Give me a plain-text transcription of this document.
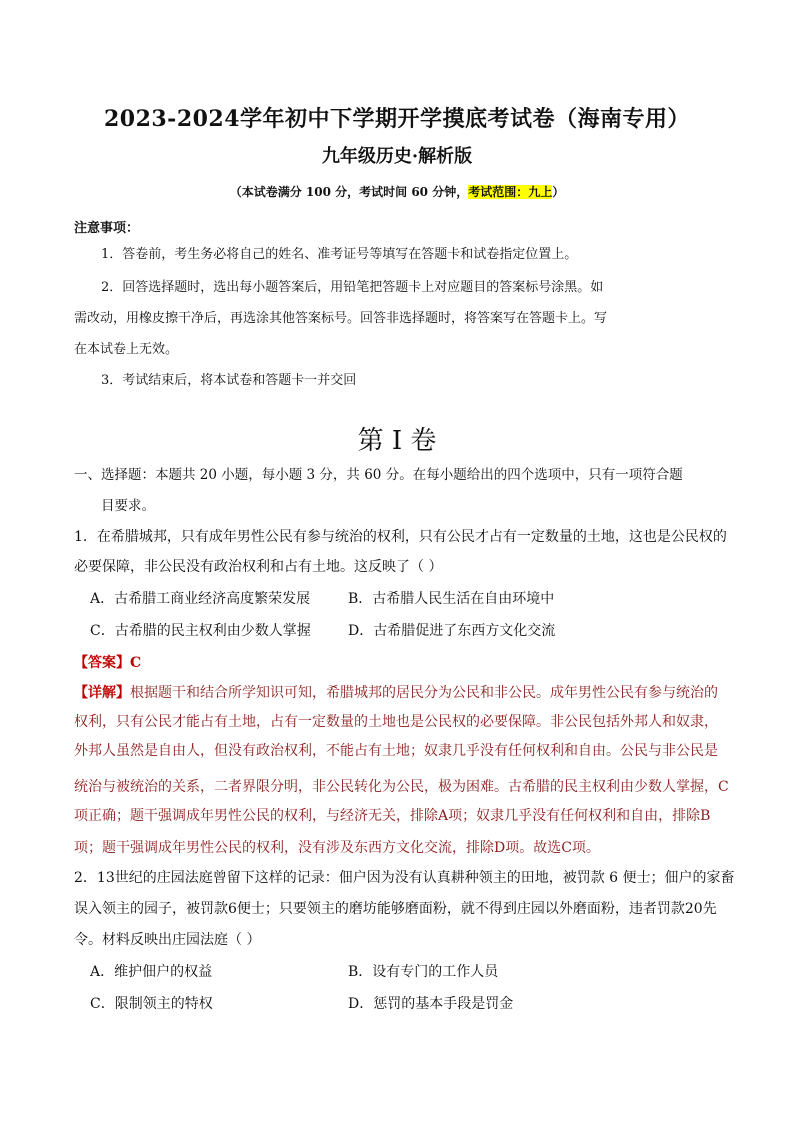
2023-2024学年初中下学期开学摸底考试卷（海南专用）
九年级历史·解析版
（本试卷满分 100 分，考试时间 60 分钟，考试范围：九上）
注意事项：
1．答卷前，考生务必将自己的姓名、准考证号等填写在答题卡和试卷指定位置上。
2．回答选择题时，选出每小题答案后，用铅笔把答题卡上对应题目的答案标号涂黑。如
需改动，用橡皮擦干净后，再选涂其他答案标号。回答非选择题时，将答案写在答题卡上。写
在本试卷上无效。
3．考试结束后，将本试卷和答题卡一并交回
第 I 卷
一、选择题：本题共 20 小题，每小题 3 分，共 60 分。在每小题给出的四个选项中，只有一项符合题
目要求。
1．在希腊城邦，只有成年男性公民有参与统治的权利，只有公民才占有一定数量的土地，这也是公民权的
必要保障，非公民没有政治权利和占有土地。这反映了（ ）
A．古希腊工商业经济高度繁荣发展	B．古希腊人民生活在自由环境中
C．古希腊的民主权利由少数人掌握	D．古希腊促进了东西方文化交流
【答案】C
【详解】根据题干和结合所学知识可知，希腊城邦的居民分为公民和非公民。成年男性公民有参与统治的
权利，只有公民才能占有土地，占有一定数量的土地也是公民权的必要保障。非公民包括外邦人和奴隶，
外邦人虽然是自由人，但没有政治权利，不能占有土地；奴隶几乎没有任何权利和自由。公民与非公民是
统治与被统治的关系，二者界限分明，非公民转化为公民，极为困难。古希腊的民主权利由少数人掌握，C
项正确；题干强调成年男性公民的权利，与经济无关，排除A项；奴隶几乎没有任何权利和自由，排除B
项；题干强调成年男性公民的权利，没有涉及东西方文化交流，排除D项。故选C项。
2．13世纪的庄园法庭曾留下这样的记录：佃户因为没有认真耕种领主的田地，被罚款 6 便士；佃户的家畜
误入领主的园子，被罚款6便士；只要领主的磨坊能够磨面粉，就不得到庄园以外磨面粉，违者罚款20先
令。材料反映出庄园法庭（ ）
A．维护佃户的权益	B．设有专门的工作人员
C．限制领主的特权	D．惩罚的基本手段是罚金
